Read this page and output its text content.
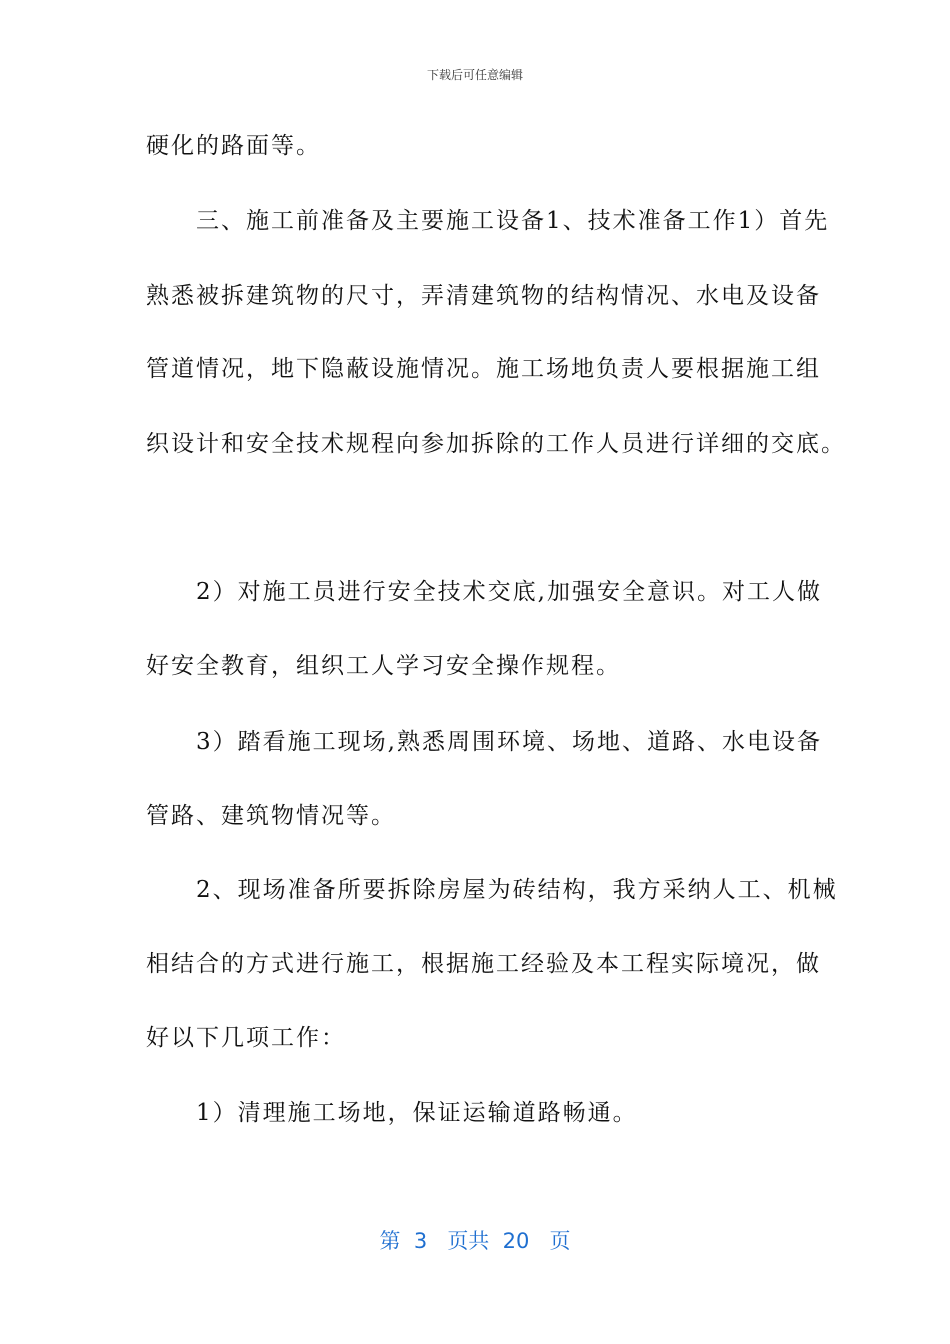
下载后可任意编辑
硬化的路面等。
　　三、施工前准备及主要施工设备1、技术准备工作1）首先
熟悉被拆建筑物的尺寸，弄清建筑物的结构情况、水电及设备
管道情况，地下隐蔽设施情况。施工场地负责人要根据施工组
织设计和安全技术规程向参加拆除的工作人员进行详细的交底。
　　2）对施工员进行安全技术交底,加强安全意识。对工人做
好安全教育，组织工人学习安全操作规程。
　　3）踏看施工现场,熟悉周围环境、场地、道路、水电设备
管路、建筑物情况等。
　　2、现场准备所要拆除房屋为砖结构，我方采纳人工、机械
相结合的方式进行施工，根据施工经验及本工程实际境况，做
好以下几项工作：
　　1）清理施工场地，保证运输道路畅通。
第 3 页共 20 页
